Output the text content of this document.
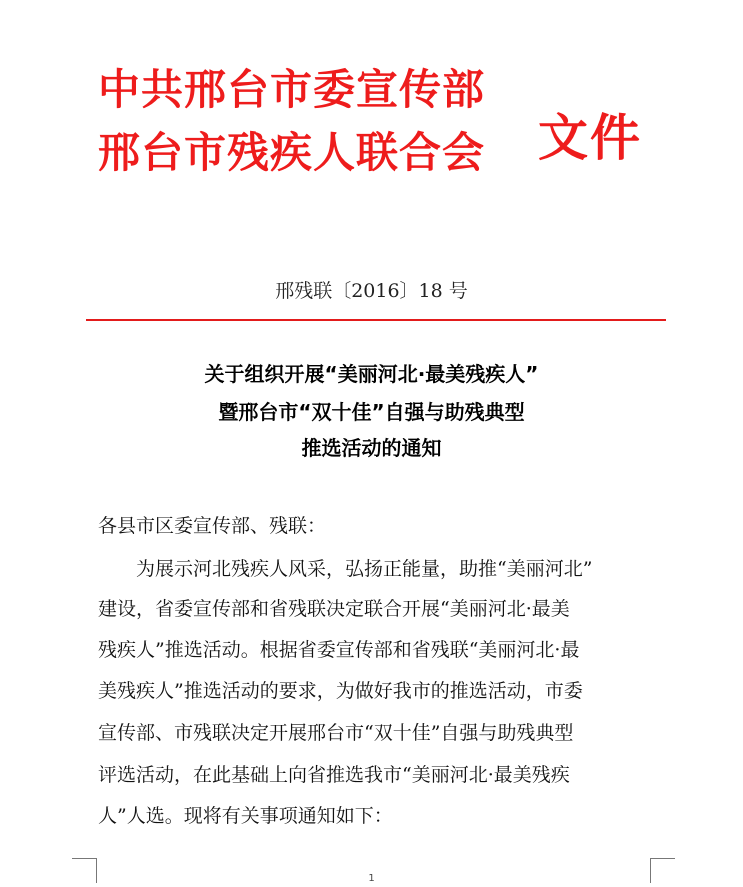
中共邢台市委宣传部
邢台市残疾人联合会 文件
邢残联〔2016〕18 号
关于组织开展“美丽河北·最美残疾人”
暨邢台市“双十佳”自强与助残典型
推选活动的通知
各县市区委宣传部、残联：
　　为展示河北残疾人风采，弘扬正能量，助推“美丽河北”
建设，省委宣传部和省残联决定联合开展“美丽河北·最美
残疾人”推选活动。根据省委宣传部和省残联“美丽河北·最
美残疾人”推选活动的要求，为做好我市的推选活动，市委
宣传部、市残联决定开展邢台市“双十佳”自强与助残典型
评选活动，在此基础上向省推选我市“美丽河北·最美残疾
人”人选。现将有关事项通知如下：
1
